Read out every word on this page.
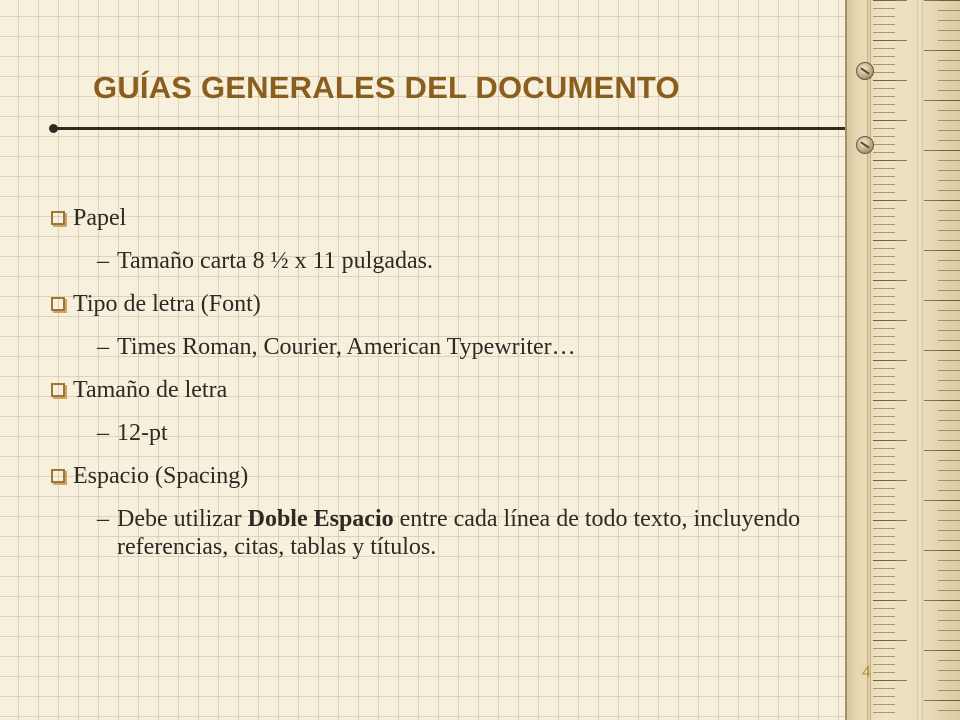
GUÍAS GENERALES DEL DOCUMENTO
Papel
– Tamaño carta 8 ½ x 11 pulgadas.
Tipo de letra (Font)
– Times Roman, Courier, American Typewriter…
Tamaño de letra
– 12-pt
Espacio (Spacing)
– Debe utilizar Doble Espacio entre cada línea de todo texto, incluyendo referencias, citas, tablas y títulos.
4
